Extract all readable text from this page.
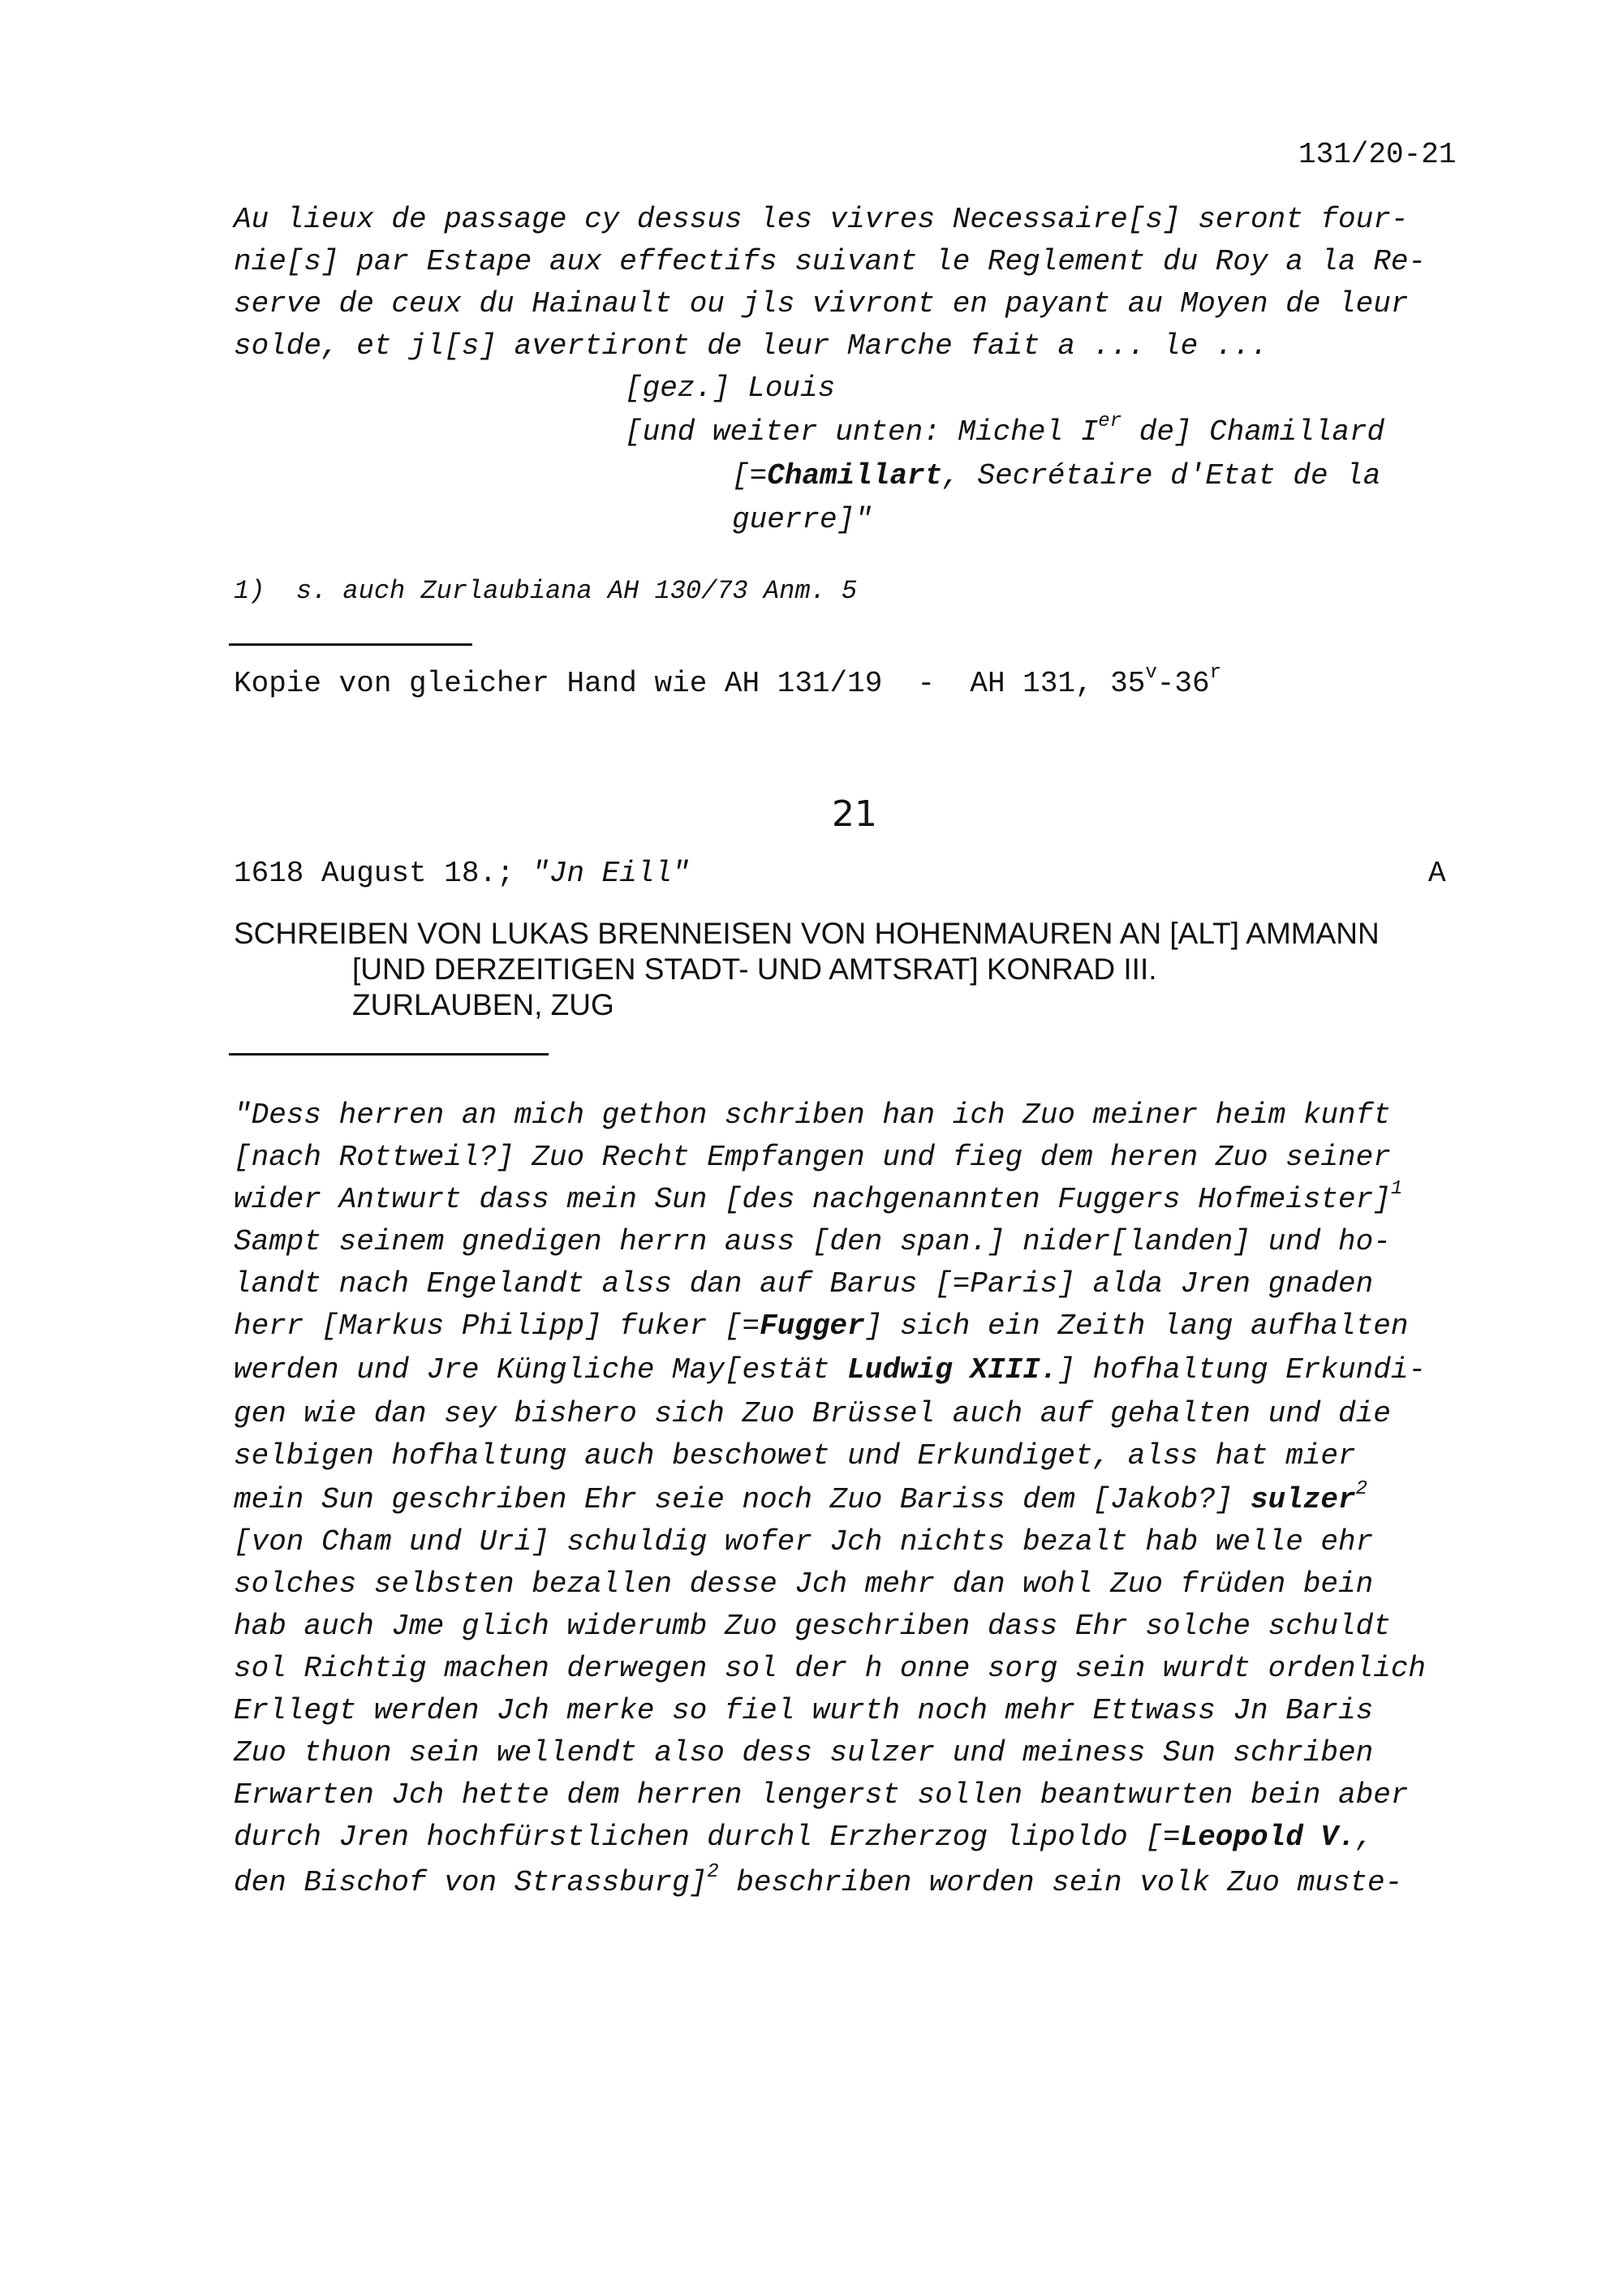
131/20-21
Au lieux de passage cy dessus les vivres Necessaire[s] seront four-
nie[s] par Estape aux effectifs suivant le Reglement du Roy a la Re-
serve de ceux du Hainault ou jls vivront en payant au Moyen de leur
solde, et jl[s] avertiront de leur Marche fait a ... le ...
[gez.] Louis
[und weiter unten: Michel Ier de] Chamillard
[=Chamillart, Secrétaire d'Etat de la
guerre]"
1)  s. auch Zurlaubiana AH 130/73 Anm. 5
Kopie von gleicher Hand wie AH 131/19  -  AH 131, 35$^v$-36$^r$
21
1618 August 18.; "Jn Eill"	A
SCHREIBEN VON LUKAS BRENNEISEN VON HOHENMAUREN AN [ALT] AMMANN
[UND DERZEITIGEN STADT- UND AMTSRAT] KONRAD III.
ZURLAUBEN, ZUG
"Dess herren an mich gethon schriben han ich Zuo meiner heim kunft
[nach Rottweil?] Zuo Recht Empfangen und fieg dem heren Zuo seiner
wider Antwurt dass mein Sun [des nachgenannten Fuggers Hofmeister]$^1$
Sampt seinem gnedigen herrn auss [den span.] nider[landen] und ho-
landt nach Engelandt alss dan auf Barus [=Paris] alda Jren gnaden
herr [Markus Philipp] fuker [=Fugger] sich ein Zeith lang aufhalten
werden und Jre Küngliche May[estät Ludwig XIII.] hofhaltung Erkundi-
gen wie dan sey bishero sich Zuo Brüssel auch auf gehalten und die
selbigen hofhaltung auch beschowet und Erkundiget, alss hat mier
mein Sun geschriben Ehr seie noch Zuo Bariss dem [Jakob?] sulzer$^2$
[von Cham und Uri] schuldig wofer Jch nichts bezalt hab welle ehr
solches selbsten bezallen desse Jch mehr dan wohl Zuo früden bein
hab auch Jme glich widerumb Zuo geschriben dass Ehr solche schuldt
sol Richtig machen derwegen sol der h onne sorg sein wurdt ordenlich
Erllegt werden Jch merke so fiel wurth noch mehr Ettwass Jn Baris
Zuo thuon sein wellendt also dess sulzer und meiness Sun schriben
Erwarten Jch hette dem herren lengerst sollen beantwurten bein aber
durch Jren hochfürstlichen durchl Erzherzog lipoldo [=Leopold V.,
den Bischof von Strassburg]$^2$ beschriben worden sein volk Zuo muste-
